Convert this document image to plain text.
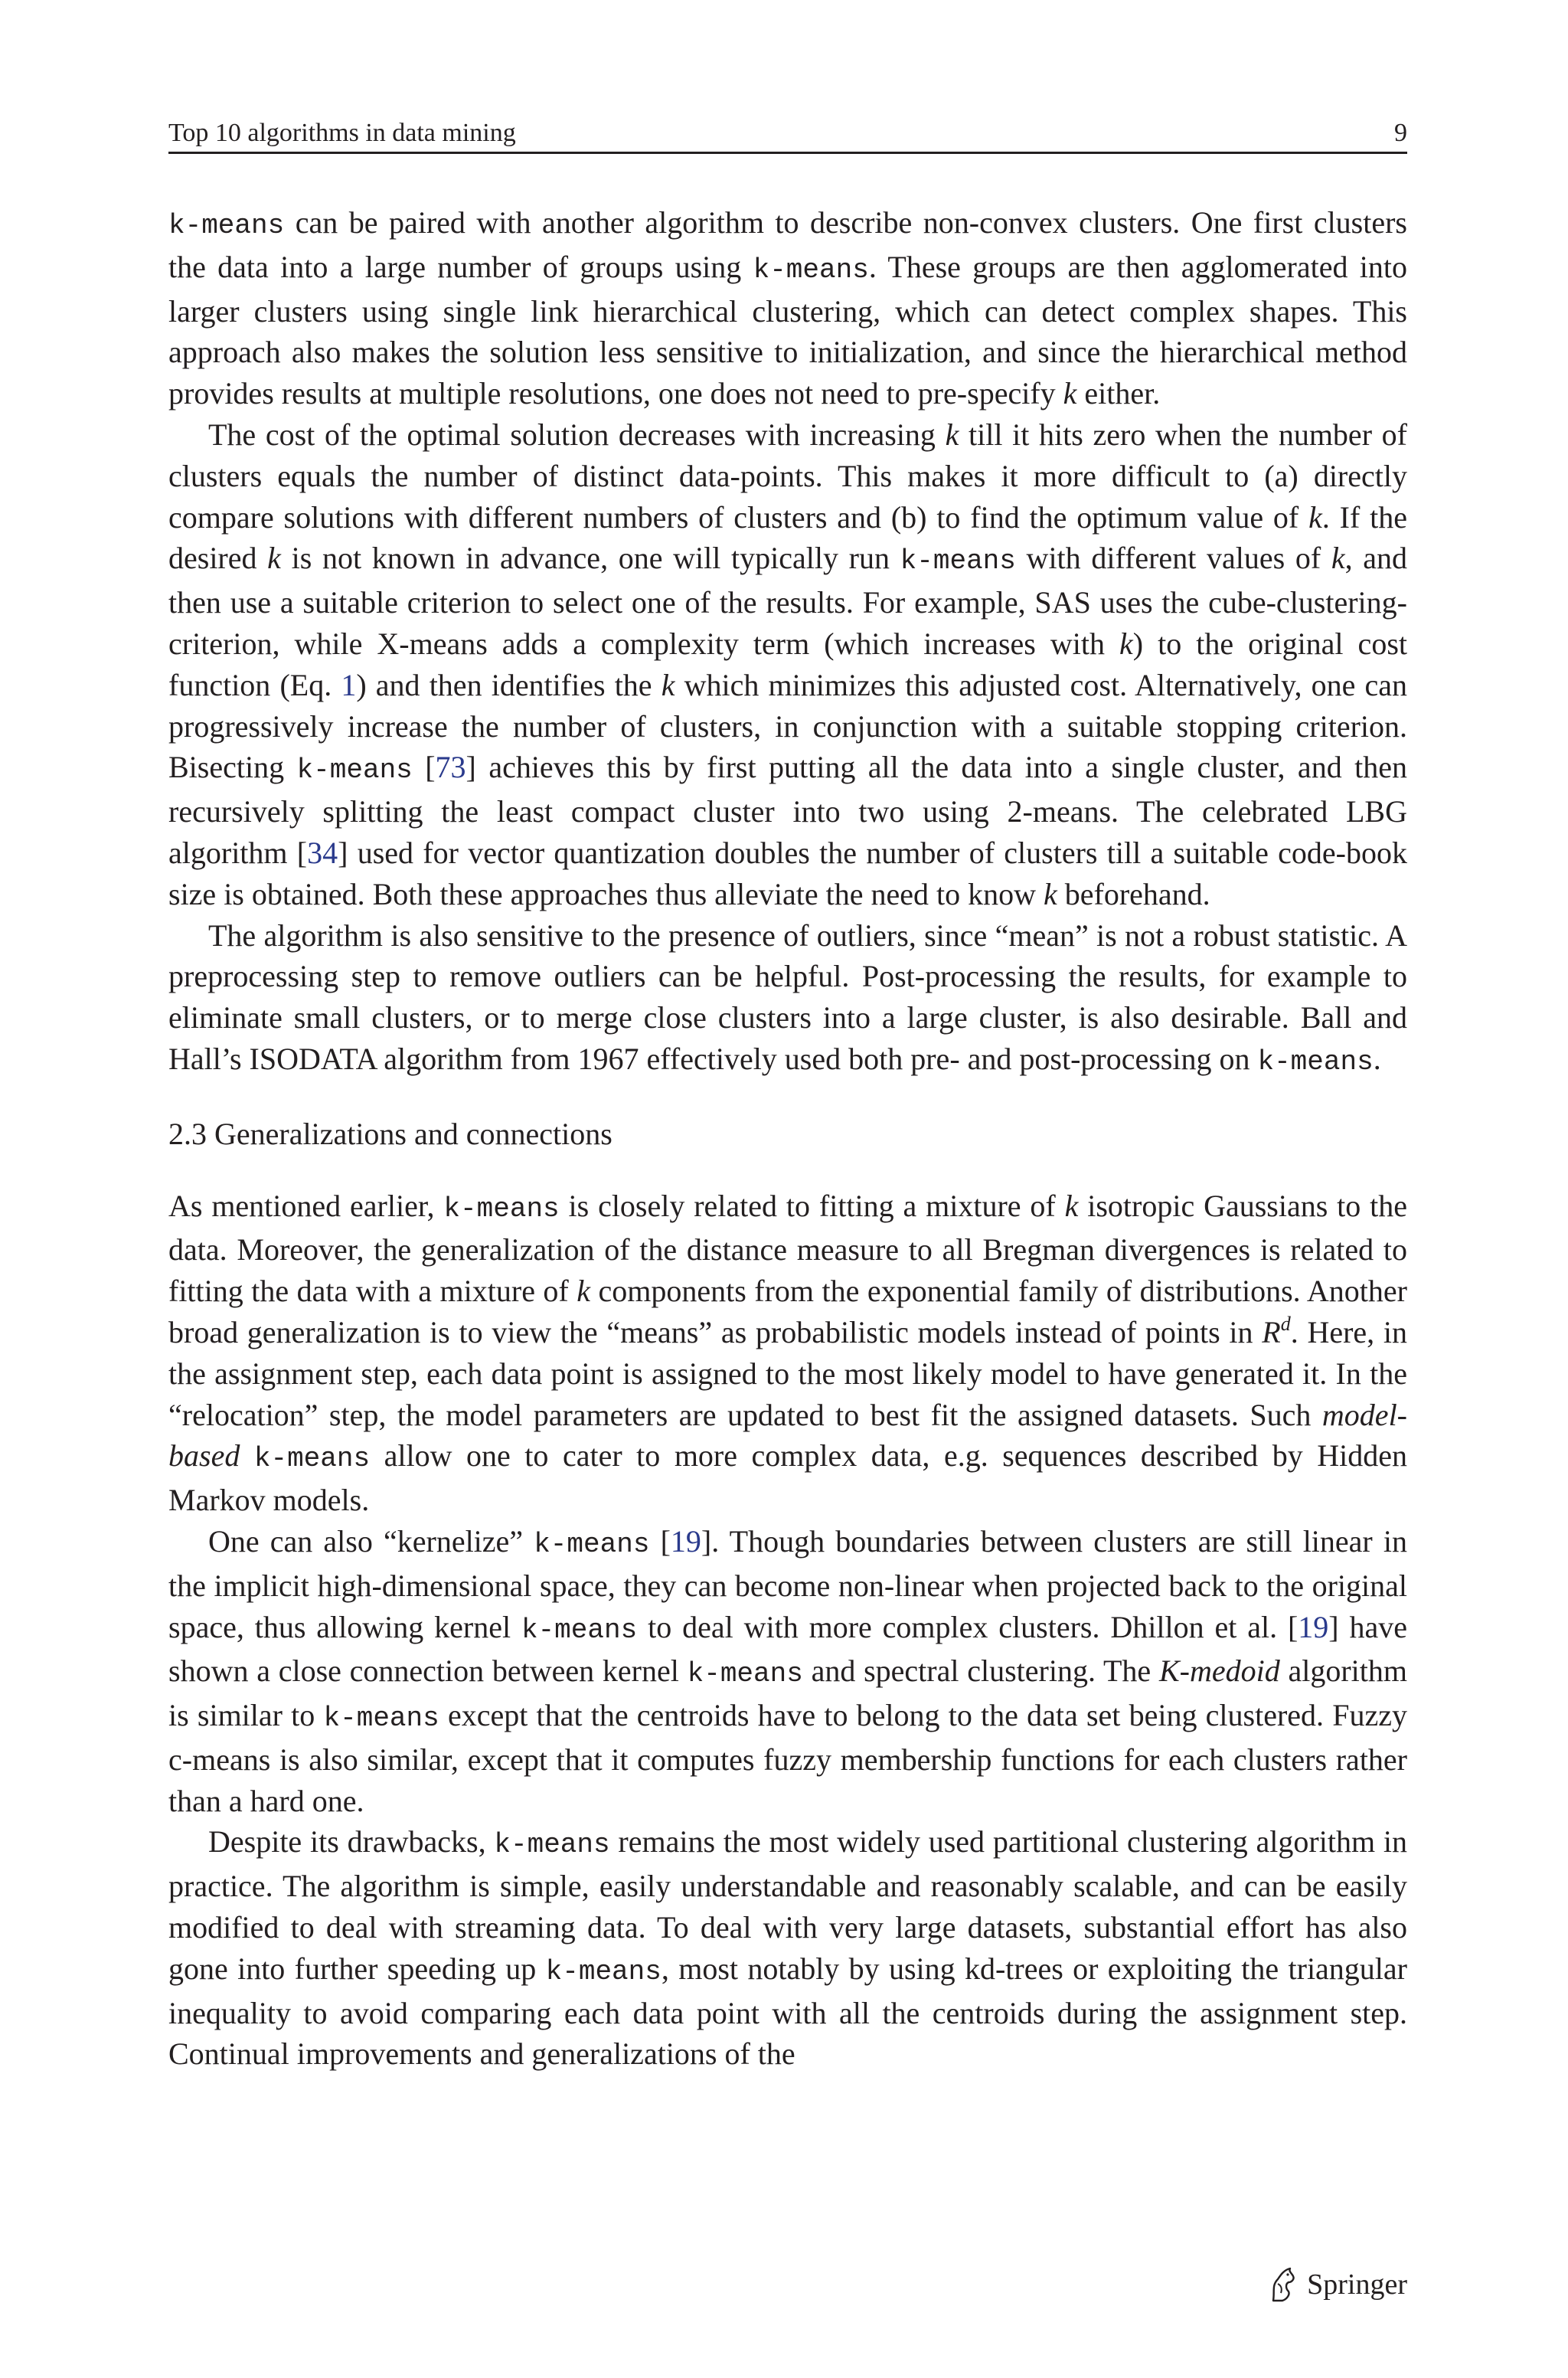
Top 10 algorithms in data mining	9

k-means can be paired with another algorithm to describe non-convex clusters. One first clusters the data into a large number of groups using k-means. These groups are then agglomerated into larger clusters using single link hierarchical clustering, which can detect complex shapes. This approach also makes the solution less sensitive to initialization, and since the hierarchical method provides results at multiple resolutions, one does not need to pre-specify k either.

The cost of the optimal solution decreases with increasing k till it hits zero when the number of clusters equals the number of distinct data-points. This makes it more difficult to (a) directly compare solutions with different numbers of clusters and (b) to find the optimum value of k. If the desired k is not known in advance, one will typically run k-means with different values of k, and then use a suitable criterion to select one of the results. For example, SAS uses the cube-clustering-criterion, while X-means adds a complexity term (which increases with k) to the original cost function (Eq. 1) and then identifies the k which minimizes this adjusted cost. Alternatively, one can progressively increase the number of clusters, in conjunction with a suitable stopping criterion. Bisecting k-means [73] achieves this by first putting all the data into a single cluster, and then recursively splitting the least compact cluster into two using 2-means. The celebrated LBG algorithm [34] used for vector quantization doubles the number of clusters till a suitable code-book size is obtained. Both these approaches thus alleviate the need to know k beforehand.

The algorithm is also sensitive to the presence of outliers, since “mean” is not a robust statistic. A preprocessing step to remove outliers can be helpful. Post-processing the results, for example to eliminate small clusters, or to merge close clusters into a large cluster, is also desirable. Ball and Hall’s ISODATA algorithm from 1967 effectively used both pre- and post-processing on k-means.

2.3 Generalizations and connections

As mentioned earlier, k-means is closely related to fitting a mixture of k isotropic Gaussians to the data. Moreover, the generalization of the distance measure to all Bregman divergences is related to fitting the data with a mixture of k components from the exponential family of distributions. Another broad generalization is to view the “means” as probabilistic models instead of points in $R^d$. Here, in the assignment step, each data point is assigned to the most likely model to have generated it. In the “relocation” step, the model parameters are updated to best fit the assigned datasets. Such model-based k-means allow one to cater to more complex data, e.g. sequences described by Hidden Markov models.

One can also “kernelize” k-means [19]. Though boundaries between clusters are still linear in the implicit high-dimensional space, they can become non-linear when projected back to the original space, thus allowing kernel k-means to deal with more complex clusters. Dhillon et al. [19] have shown a close connection between kernel k-means and spectral clustering. The K-medoid algorithm is similar to k-means except that the centroids have to belong to the data set being clustered. Fuzzy c-means is also similar, except that it computes fuzzy membership functions for each clusters rather than a hard one.

Despite its drawbacks, k-means remains the most widely used partitional clustering algorithm in practice. The algorithm is simple, easily understandable and reasonably scalable, and can be easily modified to deal with streaming data. To deal with very large datasets, substantial effort has also gone into further speeding up k-means, most notably by using kd-trees or exploiting the triangular inequality to avoid comparing each data point with all the centroids during the assignment step. Continual improvements and generalizations of the

Springer
